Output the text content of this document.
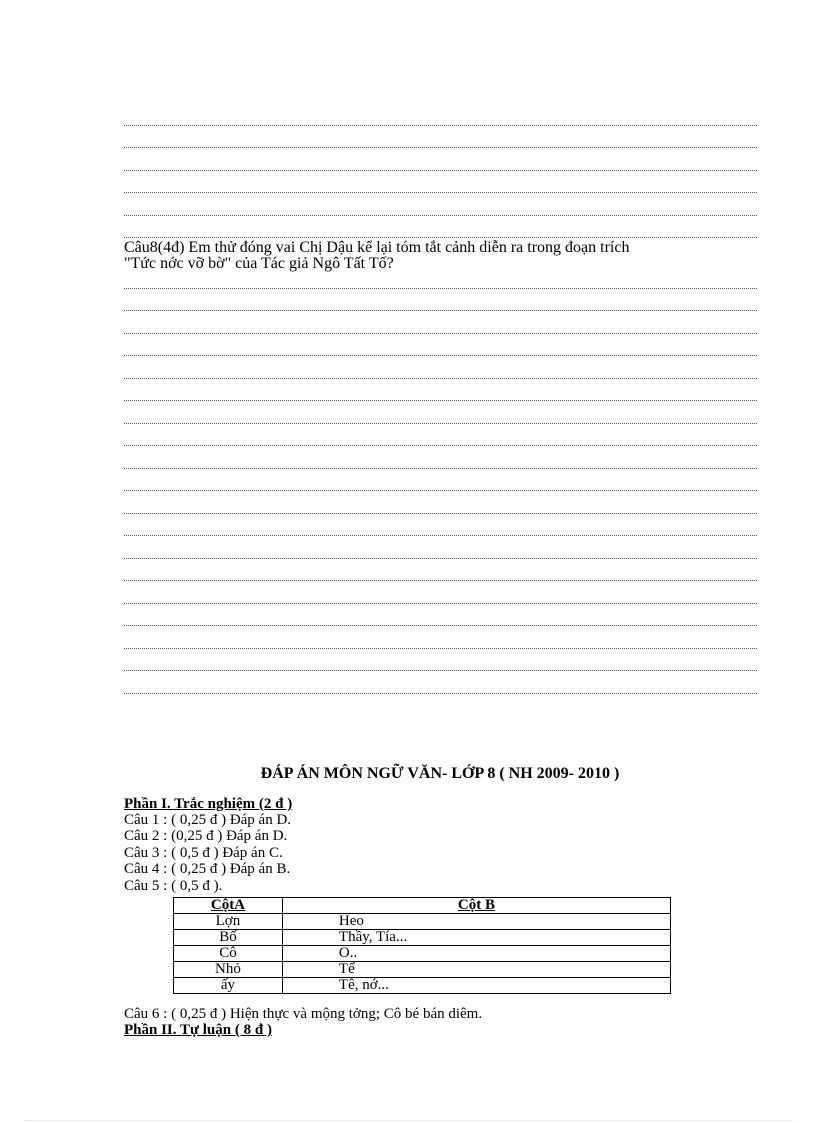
Câu8(4đ) Em thử đóng vai Chị Dậu kể lại tóm tắt cảnh diễn ra trong đoạn trích
"Tức nớc vỡ bờ" của Tác giả Ngô Tất Tố?
ĐÁP ÁN MÔN NGỮ VĂN- LỚP 8 ( NH 2009- 2010 )
Phần I. Trắc nghiệm (2 đ )
Câu 1 : ( 0,25 đ ) Đáp án D.
Câu 2 : (0,25 đ ) Đáp án D.
Câu 3 : ( 0,5 đ ) Đáp án C.
Câu 4 : ( 0,25 đ ) Đáp án B.
Câu 5 : ( 0,5 đ ).
CộtA	Cột B
Lợn	Heo
Bố	Thầy, Tía...
Cô	O..
Nhỏ	Tể
ấy	Tê, nớ...
Câu 6 : ( 0,25 đ ) Hiện thực và mộng tởng; Cô bé bán diêm.
Phần II. Tự luận ( 8 đ )
